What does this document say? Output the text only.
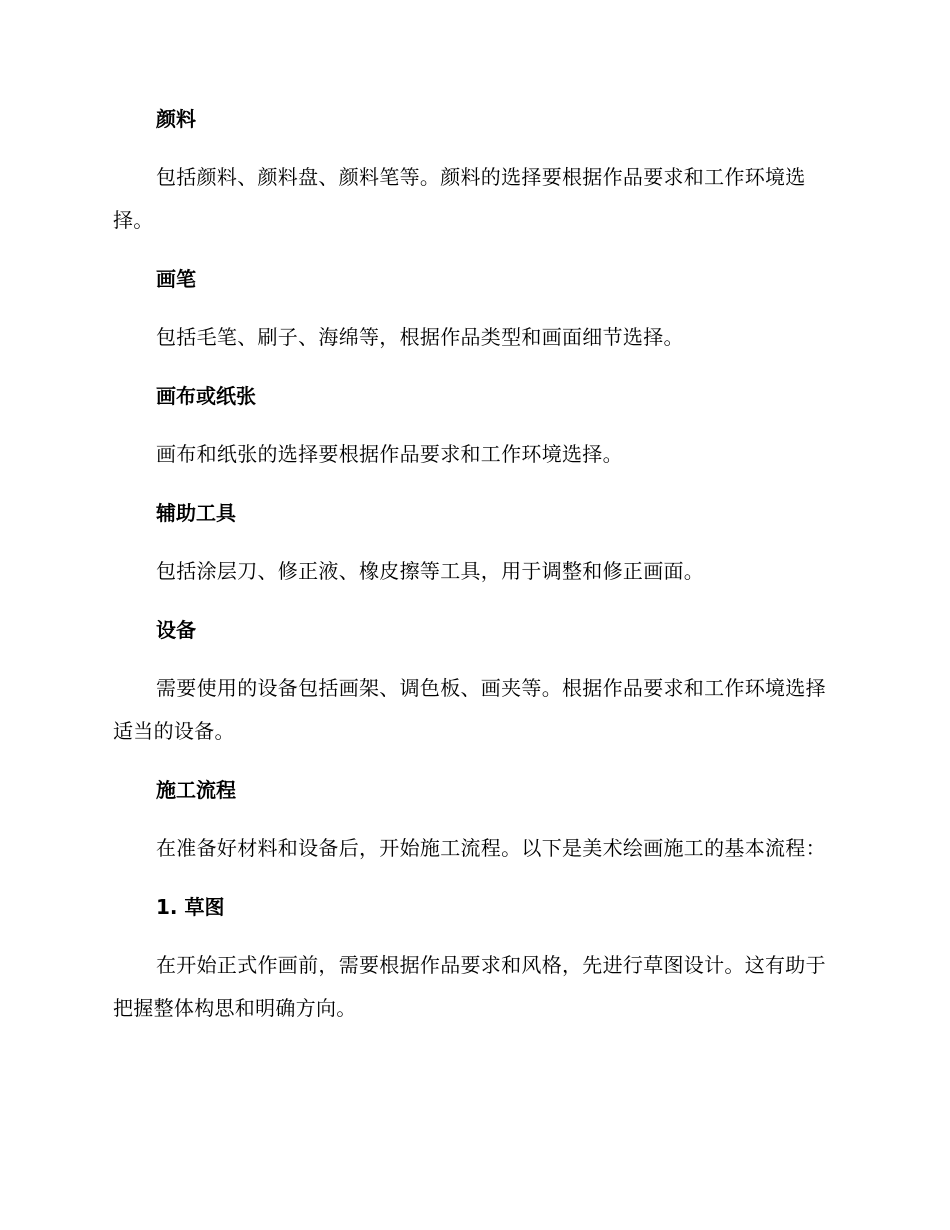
颜料

包括颜料、颜料盘、颜料笔等。颜料的选择要根据作品要求和工作环境选择。

画笔

包括毛笔、刷子、海绵等，根据作品类型和画面细节选择。

画布或纸张

画布和纸张的选择要根据作品要求和工作环境选择。

辅助工具

包括涂层刀、修正液、橡皮擦等工具，用于调整和修正画面。

设备

需要使用的设备包括画架、调色板、画夹等。根据作品要求和工作环境选择适当的设备。

施工流程

在准备好材料和设备后，开始施工流程。以下是美术绘画施工的基本流程：

1. 草图

在开始正式作画前，需要根据作品要求和风格，先进行草图设计。这有助于把握整体构思和明确方向。
